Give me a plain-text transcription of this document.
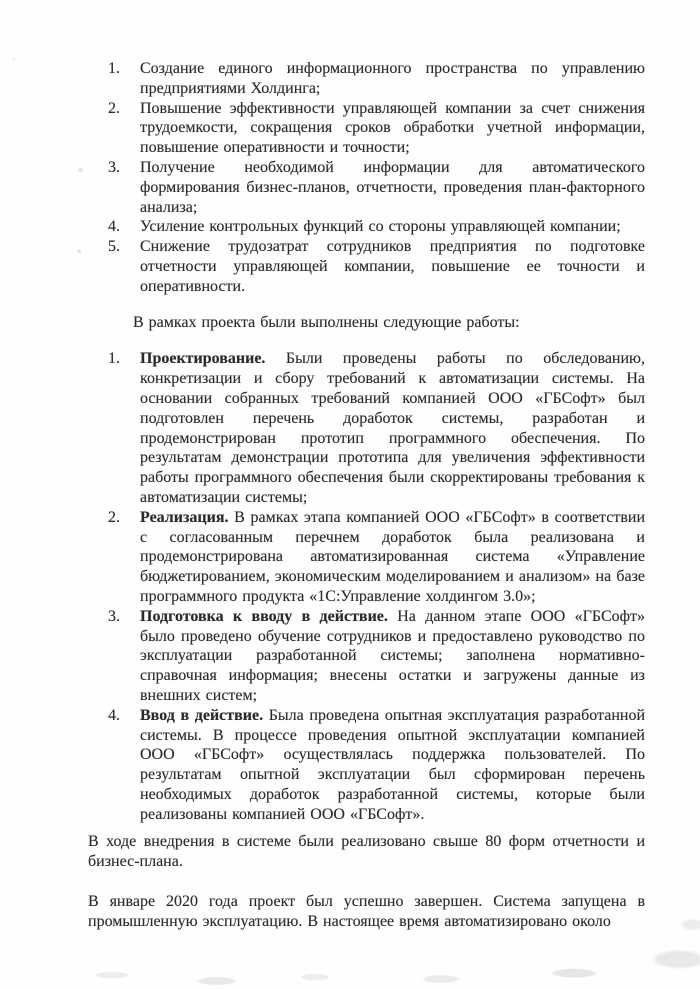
1. Создание единого информационного пространства по управлению предприятиями Холдинга;
2. Повышение эффективности управляющей компании за счет снижения трудоемкости, сокращения сроков обработки учетной информации, повышение оперативности и точности;
3. Получение необходимой информации для автоматического формирования бизнес-планов, отчетности, проведения план-факторного анализа;
4. Усиление контрольных функций со стороны управляющей компании;
5. Снижение трудозатрат сотрудников предприятия по подготовке отчетности управляющей компании, повышение ее точности и оперативности.

В рамках проекта были выполнены следующие работы:

1. Проектирование. Были проведены работы по обследованию, конкретизации и сбору требований к автоматизации системы. На основании собранных требований компанией ООО «ГБСофт» был подготовлен перечень доработок системы, разработан и продемонстрирован прототип программного обеспечения. По результатам демонстрации прототипа для увеличения эффективности работы программного обеспечения были скорректированы требования к автоматизации системы;
2. Реализация. В рамках этапа компанией ООО «ГБСофт» в соответствии с согласованным перечнем доработок была реализована и продемонстрирована автоматизированная система «Управление бюджетированием, экономическим моделированием и анализом» на базе программного продукта «1С:Управление холдингом 3.0»;
3. Подготовка к вводу в действие. На данном этапе ООО «ГБСофт» было проведено обучение сотрудников и предоставлено руководство по эксплуатации разработанной системы; заполнена нормативно-справочная информация; внесены остатки и загружены данные из внешних систем;
4. Ввод в действие. Была проведена опытная эксплуатация разработанной системы. В процессе проведения опытной эксплуатации компанией ООО «ГБСофт» осуществлялась поддержка пользователей. По результатам опытной эксплуатации был сформирован перечень необходимых доработок разработанной системы, которые были реализованы компанией ООО «ГБСофт».

В ходе внедрения в системе были реализовано свыше 80 форм отчетности и бизнес-плана.

В январе 2020 года проект был успешно завершен. Система запущена в промышленную эксплуатацию. В настоящее время автоматизировано около
